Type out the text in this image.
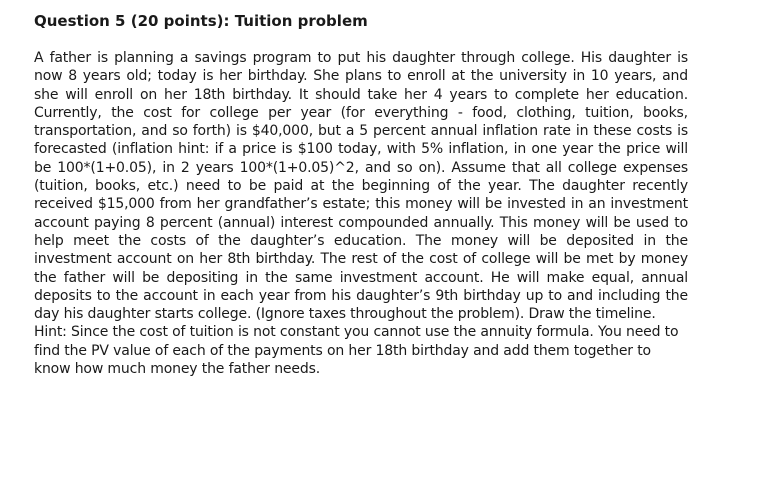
Question 5 (20 points): Tuition problem

A father is planning a savings program to put his daughter through college. His daughter is now 8 years old; today is her birthday. She plans to enroll at the university in 10 years, and she will enroll on her 18th birthday. It should take her 4 years to complete her education. Currently, the cost for college per year (for everything - food, clothing, tuition, books, transportation, and so forth) is $40,000, but a 5 percent annual inflation rate in these costs is forecasted (inflation hint: if a price is $100 today, with 5% inflation, in one year the price will be 100*(1+0.05), in 2 years 100*(1+0.05)^2, and so on). Assume that all college expenses (tuition, books, etc.) need to be paid at the beginning of the year. The daughter recently received $15,000 from her grandfather’s estate; this money will be invested in an investment account paying 8 percent (annual) interest compounded annually. This money will be used to help meet the costs of the daughter’s education. The money will be deposited in the investment account on her 8th birthday. The rest of the cost of college will be met by money the father will be depositing in the same investment account. He will make equal, annual deposits to the account in each year from his daughter’s 9th birthday up to and including the day his daughter starts college. (Ignore taxes throughout the problem). Draw the timeline.

Hint: Since the cost of tuition is not constant you cannot use the annuity formula. You need to find the PV value of each of the payments on her 18th birthday and add them together to know how much money the father needs.
